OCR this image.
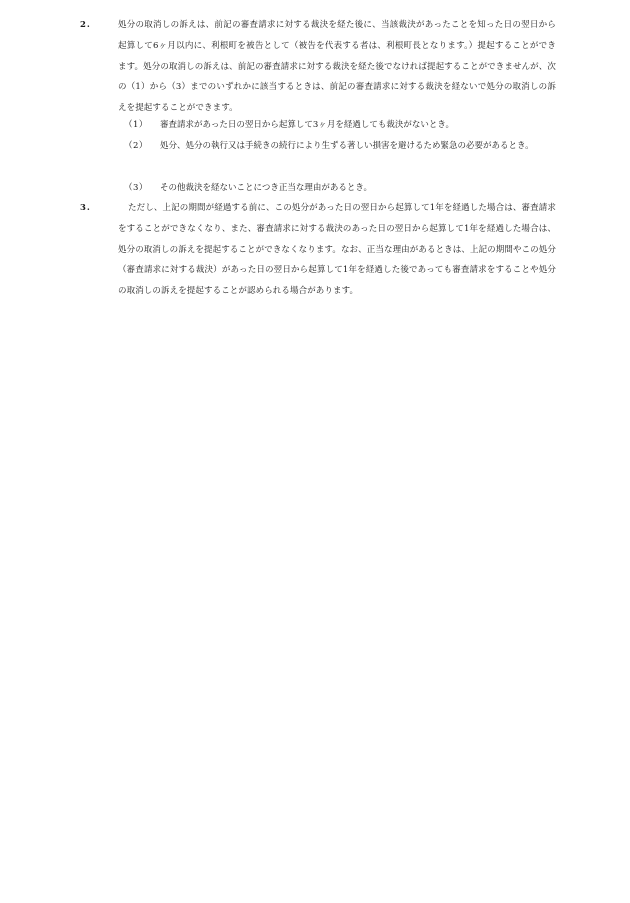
2.	処分の取消しの訴えは、前記の審査請求に対する裁決を経た後に、当該裁決があったことを知った日の翌日から起算して6ヶ月以内に、利根町を被告として（被告を代表する者は、利根町長となります。）提起することができます。処分の取消しの訴えは、前記の審査請求に対する裁決を経た後でなければ提起することができませんが、次の（1）から（3）までのいずれかに該当するときは、前記の審査請求に対する裁決を経ないで処分の取消しの訴えを提起することができます。
（1） 審査請求があった日の翌日から起算して3ヶ月を経過しても裁決がないとき。
（2） 処分、処分の執行又は手続きの続行により生ずる著しい損害を避けるため緊急の必要があるとき。
（3） その他裁決を経ないことにつき正当な理由があるとき。
3.	ただし、上記の期間が経過する前に、この処分があった日の翌日から起算して1年を経過した場合は、審査請求をすることができなくなり、また、審査請求に対する裁決のあった日の翌日から起算して1年を経過した場合は、処分の取消しの訴えを提起することができなくなります。なお、正当な理由があるときは、上記の期間やこの処分（審査請求に対する裁決）があった日の翌日から起算して1年を経過した後であっても審査請求をすることや処分の取消しの訴えを提起することが認められる場合があります。
